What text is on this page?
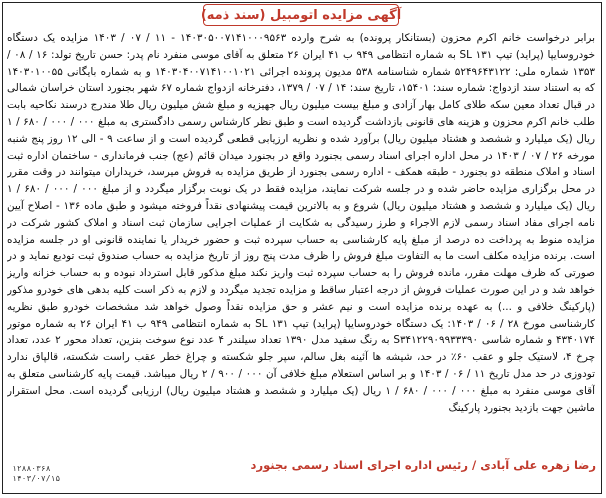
آگهی مزایده اتومبیل (سند ذمه)
برابر درخواست خانم اکرم محزون (بستانکار پرونده) به شرح وارده ۱۴۰۳۰۵۰۰۷۱۴۱۰۰۰۹۵۶۳ - ۱۱ / ۰۷ / ۱۴۰۳ مزایده یک دستگاه خودروسایپا (پراید) تیپ ۱۳۱ SL به شماره انتظامی ۹۴۹ ب ۴۱ ایران ۲۶ متعلق به آقای موسی منفرد نام پدر: حسن تاریخ تولد: ۱۶ / ۰۸ / ۱۳۵۳ شماره ملی: ۵۲۴۹۶۴۳۱۲۲ شماره شناسنامه ۵۳۸ مدیون پرونده اجرائی ۱۴۰۳۰۴۰۰۷۱۴۱۰۰۱۰۲۱ و به شماره بایگانی ۱۴۰۳۰۱۰۰۵۵ که به استناد سند ازدواج: شماره سند: ۱۵۴۰۱، تاریخ سند: ۱۴ / ۰۷ / ۱۳۷۹، دفترخانه ازدواج شماره ۶۷ شهر بجنورد استان خراسان شمالی در قبال تعداد معین سکه طلای کامل بهار آزادی و مبلغ بیست میلیون ریال جهیزیه و مبلغ شش میلیون ریال طلا مندرج درسند نکاحیه بابت طلب خانم اکرم محزون و هزینه های قانونی بازداشت گردیده است و طبق نظر کارشناس رسمی دادگستری به مبلغ ۰۰۰ / ۰۰۰ / ۶۸۰ / ۱ ریال (یک میلیارد و ششصد و هشتاد میلیون ریال) برآورد شده و نظریه ارزیابی قطعی گردیده است و از ساعت ۹ - الی ۱۲ روز پنج شنبه مورخه ۲۶ / ۰۷ / ۱۴۰۳ در محل اداره اجرای اسناد رسمی بجنورد واقع در بجنورد میدان قائم (عج) جنب فرمانداری - ساختمان اداره ثبت اسناد و املاک منطقه دو بجنورد - طبقه همکف - اداره رسمی بجنورد از طریق مزایده به فروش میرسد، خریداران میتوانند در وقت مقرر در محل برگزاری مزایده حاضر شده و در جلسه شرکت نمایند، مزایده فقط در یک نوبت برگزار میگردد و از مبلغ ۰۰۰ / ۰۰۰ / ۶۸۰ / ۱ ریال (یک میلیارد و ششصد و هشتاد میلیون ریال) شروع و به بالاترین قیمت پیشنهادی نقداً فروخته میشود و طبق ماده ۱۳۶ - اصلاح آیین نامه اجرای مفاد اسناد رسمی لازم الاجراء و طرز رسیدگی به شکایت از عملیات اجرایی سازمان ثبت اسناد و املاک کشور شرکت در مزایده منوط به پرداخت ده درصد از مبلغ پایه کارشناسی به حساب سپرده ثبت و حضور خریدار یا نماینده قانونی او در جلسه مزایده است. برنده مزایده مکلف است ما به التفاوت مبلغ فروش را ظرف مدت پنج روز از تاریخ مزایده به حساب صندوق ثبت تودیع نماید و در صورتی که ظرف مهلت مقرر، مانده فروش را به حساب سپرده ثبت واریز نکند مبلغ مذکور قابل استرداد نبوده و به حساب خزانه واریز خواهد شد و در این صورت عملیات فروش از درجه اعتبار ساقط و مزایده تجدید میگردد و لازم به ذکر است کلیه بدهی های خودرو مذکور (پارکینگ خلافی و ...) به عهده برنده مزایده است و نیم عشر و حق مزایده نقداً وصول خواهد شد مشخصات خودرو طبق نظریه کارشناسی مورخ ۲۸ / ۰۶ / ۱۴۰۳: یک دستگاه خودروسایپا (پراید) تیپ ۱۳۱ SL به شماره انتظامی ۹۴۹ ب ۴۱ ایران ۲۶ به شماره موتور ۴۳۴۰۱۷۴ و شماره شاسی S۳۴۱۲۲۹۰۹۹۳۳۳۹۰ به رنگ سفید مدل ۱۳۹۰ تعداد سیلندر ۴ عدد نوع سوخت بنزین، تعداد محور ۲ عدد، تعداد چرخ ۴، لاستیک جلو و عقب ۶۰٪ در حد، شیشه ها آئینه بغل سالم، سپر جلو شکسته و چراغ خطر عقب راست شکسته، قالپاق ندارد تودوزی در حد مدل تاریخ ۱۱ / ۰۶ / ۱۴۰۳ و بر اساس استعلام مبلغ خلافی آن ۰۰۰ / ۹۰۰ / ۲ ریال میباشد. قیمت پایه کارشناسی متعلق به آقای موسی منفرد به مبلغ ۰۰۰ / ۰۰۰ / ۶۸۰ / ۱ ریال (یک میلیارد و ششصد و هشتاد میلیون ریال) ارزیابی گردیده است. محل استقرار ماشین جهت بازدید بجنورد پارکینگ
رضا زهره علی آبادی / رئیس اداره اجرای اسناد رسمی بجنورد
۱۲۸۸۰۳۶۸
۱۴۰۳/۰۷/۱۵
